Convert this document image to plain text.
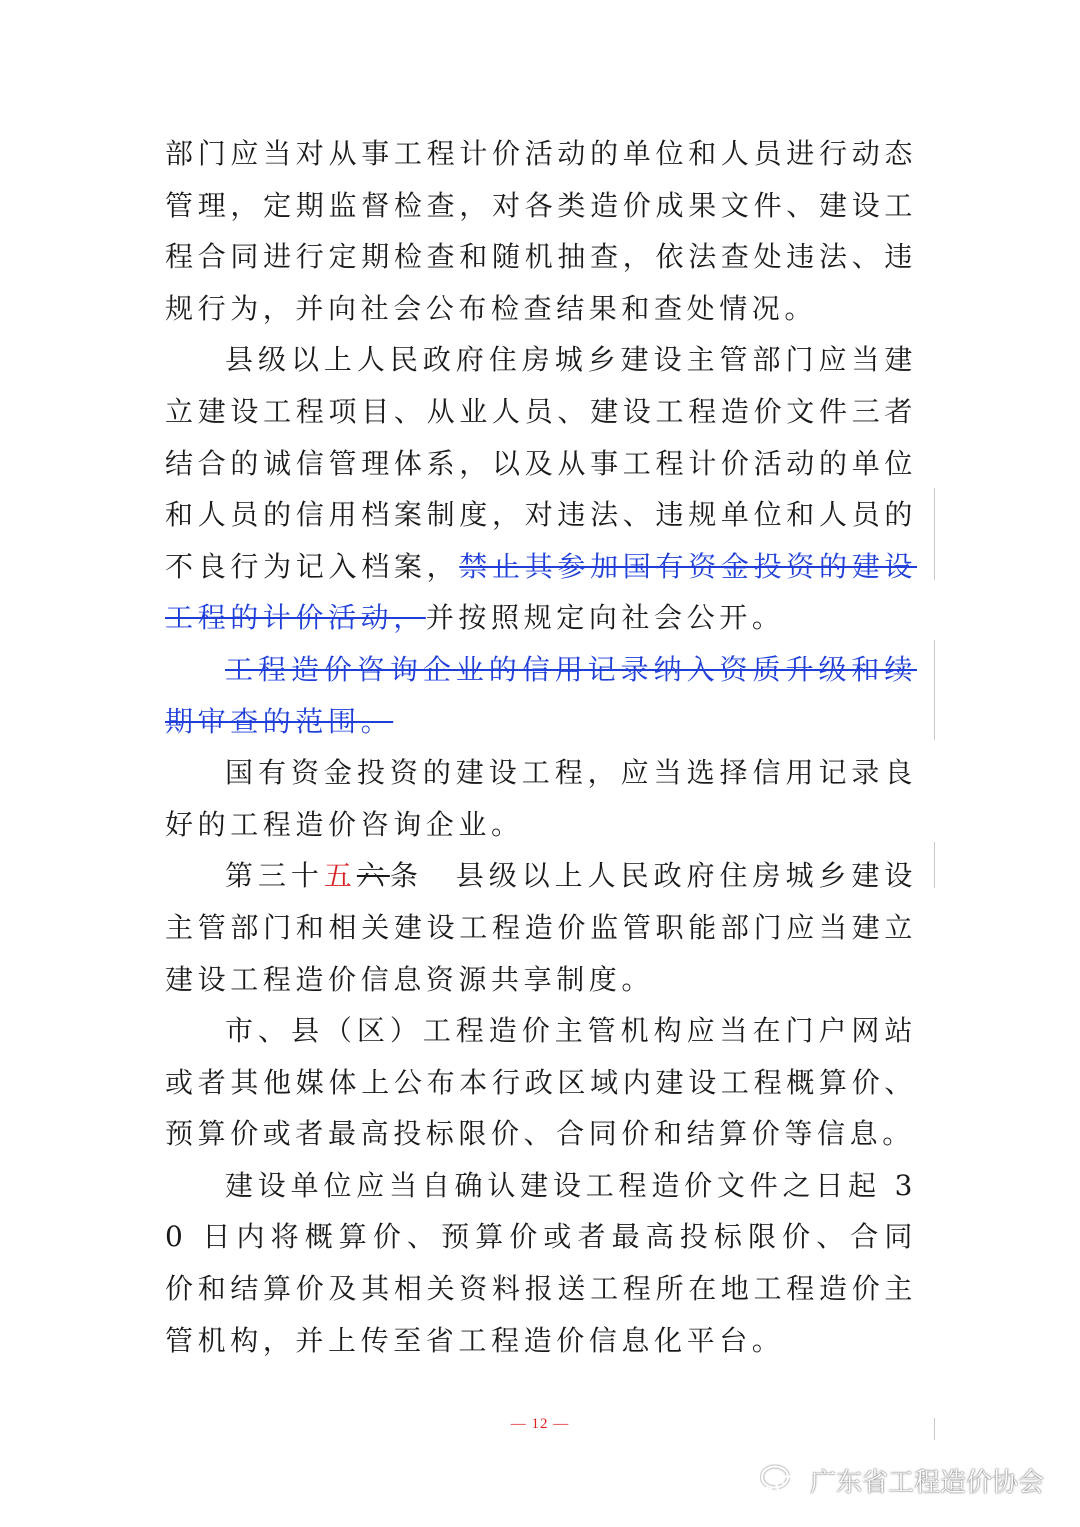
部门应当对从事工程计价活动的单位和人员进行动态管理，定期监督检查，对各类造价成果文件、建设工程合同进行定期检查和随机抽查，依法查处违法、违规行为，并向社会公布检查结果和查处情况。

县级以上人民政府住房城乡建设主管部门应当建立建设工程项目、从业人员、建设工程造价文件三者结合的诚信管理体系，以及从事工程计价活动的单位和人员的信用档案制度，对违法、违规单位和人员的不良行为记入档案，禁止其参加国有资金投资的建设工程的计价活动，并按照规定向社会公开。

工程造价咨询企业的信用记录纳入资质升级和续期审查的范围。

国有资金投资的建设工程，应当选择信用记录良好的工程造价咨询企业。

第三十五六条　县级以上人民政府住房城乡建设主管部门和相关建设工程造价监管职能部门应当建立建设工程造价信息资源共享制度。

市、县（区）工程造价主管机构应当在门户网站或者其他媒体上公布本行政区域内建设工程概算价、预算价或者最高投标限价、合同价和结算价等信息。

建设单位应当自确认建设工程造价文件之日起 30 日内将概算价、预算价或者最高投标限价、合同价和结算价及其相关资料报送工程所在地工程造价主管机构，并上传至省工程造价信息化平台。

— 12 —
广东省工程造价协会
